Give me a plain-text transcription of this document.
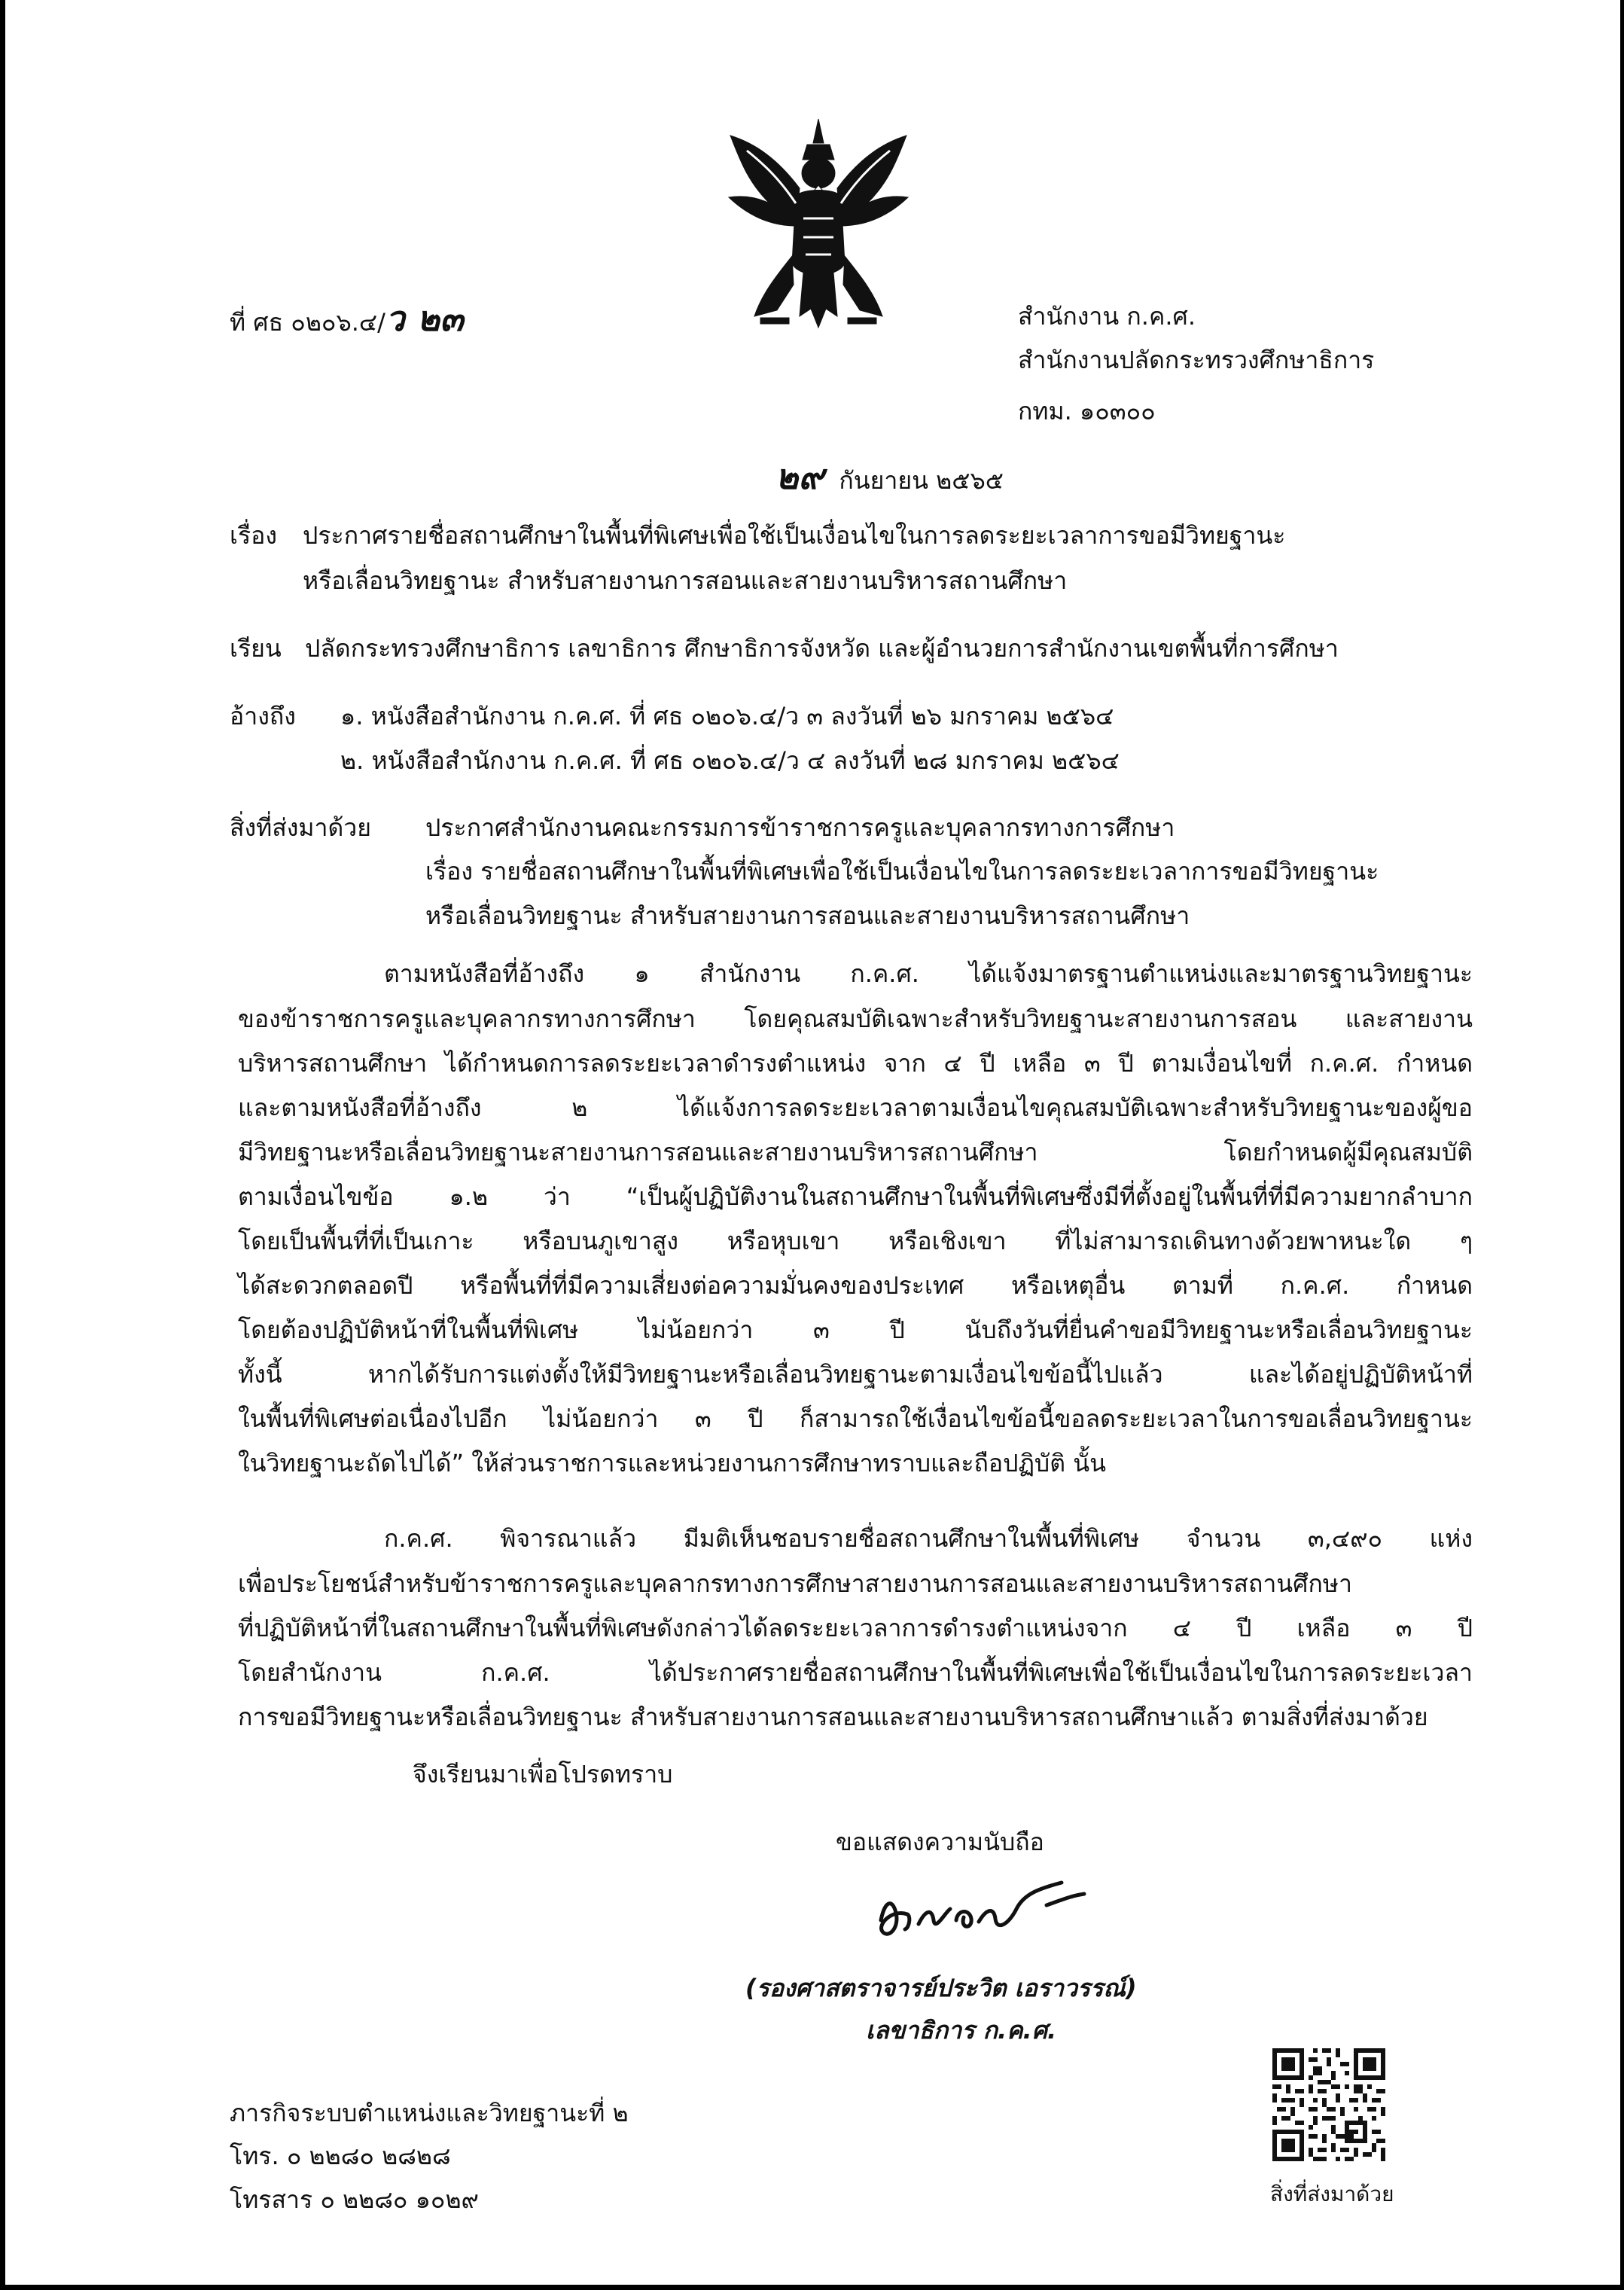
ที่ ศธ ๐๒๐๖.๔/ว ๒๓	สำนักงาน ก.ค.ศ.
สำนักงานปลัดกระทรวงศึกษาธิการ
กทม. ๑๐๓๐๐
๒๙ กันยายน ๒๕๖๕
เรื่อง ประกาศรายชื่อสถานศึกษาในพื้นที่พิเศษเพื่อใช้เป็นเงื่อนไขในการลดระยะเวลาการขอมีวิทยฐานะ
หรือเลื่อนวิทยฐานะ สำหรับสายงานการสอนและสายงานบริหารสถานศึกษา
เรียน ปลัดกระทรวงศึกษาธิการ เลขาธิการ ศึกษาธิการจังหวัด และผู้อำนวยการสำนักงานเขตพื้นที่การศึกษา
อ้างถึง ๑. หนังสือสำนักงาน ก.ค.ศ. ที่ ศธ ๐๒๐๖.๔/ว ๓ ลงวันที่ ๒๖ มกราคม ๒๕๖๔
๒. หนังสือสำนักงาน ก.ค.ศ. ที่ ศธ ๐๒๐๖.๔/ว ๔ ลงวันที่ ๒๘ มกราคม ๒๕๖๔
สิ่งที่ส่งมาด้วย ประกาศสำนักงานคณะกรรมการข้าราชการครูและบุคลากรทางการศึกษา
เรื่อง รายชื่อสถานศึกษาในพื้นที่พิเศษเพื่อใช้เป็นเงื่อนไขในการลดระยะเวลาการขอมีวิทยฐานะ
หรือเลื่อนวิทยฐานะ สำหรับสายงานการสอนและสายงานบริหารสถานศึกษา
ตามหนังสือที่อ้างถึง ๑ สำนักงาน ก.ค.ศ. ได้แจ้งมาตรฐานตำแหน่งและมาตรฐานวิทยฐานะ
ของข้าราชการครูและบุคลากรทางการศึกษา โดยคุณสมบัติเฉพาะสำหรับวิทยฐานะสายงานการสอน และสายงาน
บริหารสถานศึกษา ได้กำหนดการลดระยะเวลาดำรงตำแหน่ง จาก ๔ ปี เหลือ ๓ ปี ตามเงื่อนไขที่ ก.ค.ศ. กำหนด
และตามหนังสือที่อ้างถึง ๒ ได้แจ้งการลดระยะเวลาตามเงื่อนไขคุณสมบัติเฉพาะสำหรับวิทยฐานะของผู้ขอ
มีวิทยฐานะหรือเลื่อนวิทยฐานะสายงานการสอนและสายงานบริหารสถานศึกษา โดยกำหนดผู้มีคุณสมบัติ
ตามเงื่อนไขข้อ ๑.๒ ว่า “เป็นผู้ปฏิบัติงานในสถานศึกษาในพื้นที่พิเศษซึ่งมีที่ตั้งอยู่ในพื้นที่ที่มีความยากลำบาก
โดยเป็นพื้นที่ที่เป็นเกาะ หรือบนภูเขาสูง หรือหุบเขา หรือเชิงเขา ที่ไม่สามารถเดินทางด้วยพาหนะใด ๆ
ได้สะดวกตลอดปี หรือพื้นที่ที่มีความเสี่ยงต่อความมั่นคงของประเทศ หรือเหตุอื่น ตามที่ ก.ค.ศ. กำหนด
โดยต้องปฏิบัติหน้าที่ในพื้นที่พิเศษ ไม่น้อยกว่า ๓ ปี นับถึงวันที่ยื่นคำขอมีวิทยฐานะหรือเลื่อนวิทยฐานะ
ทั้งนี้ หากได้รับการแต่งตั้งให้มีวิทยฐานะหรือเลื่อนวิทยฐานะตามเงื่อนไขข้อนี้ไปแล้ว และได้อยู่ปฏิบัติหน้าที่
ในพื้นที่พิเศษต่อเนื่องไปอีก ไม่น้อยกว่า ๓ ปี ก็สามารถใช้เงื่อนไขข้อนี้ขอลดระยะเวลาในการขอเลื่อนวิทยฐานะ
ในวิทยฐานะถัดไปได้” ให้ส่วนราชการและหน่วยงานการศึกษาทราบและถือปฏิบัติ นั้น
ก.ค.ศ. พิจารณาแล้ว มีมติเห็นชอบรายชื่อสถานศึกษาในพื้นที่พิเศษ จำนวน ๓,๔๙๐ แห่ง
เพื่อประโยชน์สำหรับข้าราชการครูและบุคลากรทางการศึกษาสายงานการสอนและสายงานบริหารสถานศึกษา
ที่ปฏิบัติหน้าที่ในสถานศึกษาในพื้นที่พิเศษดังกล่าวได้ลดระยะเวลาการดำรงตำแหน่งจาก ๔ ปี เหลือ ๓ ปี
โดยสำนักงาน ก.ค.ศ. ได้ประกาศรายชื่อสถานศึกษาในพื้นที่พิเศษเพื่อใช้เป็นเงื่อนไขในการลดระยะเวลา
การขอมีวิทยฐานะหรือเลื่อนวิทยฐานะ สำหรับสายงานการสอนและสายงานบริหารสถานศึกษาแล้ว ตามสิ่งที่ส่งมาด้วย
จึงเรียนมาเพื่อโปรดทราบ
ขอแสดงความนับถือ
(รองศาสตราจารย์ประวิต เอราวรรณ์)
เลขาธิการ ก.ค.ศ.
สิ่งที่ส่งมาด้วย
ภารกิจระบบตำแหน่งและวิทยฐานะที่ ๒
โทร. ๐ ๒๒๘๐ ๒๘๒๘
โทรสาร ๐ ๒๒๘๐ ๑๐๒๙
